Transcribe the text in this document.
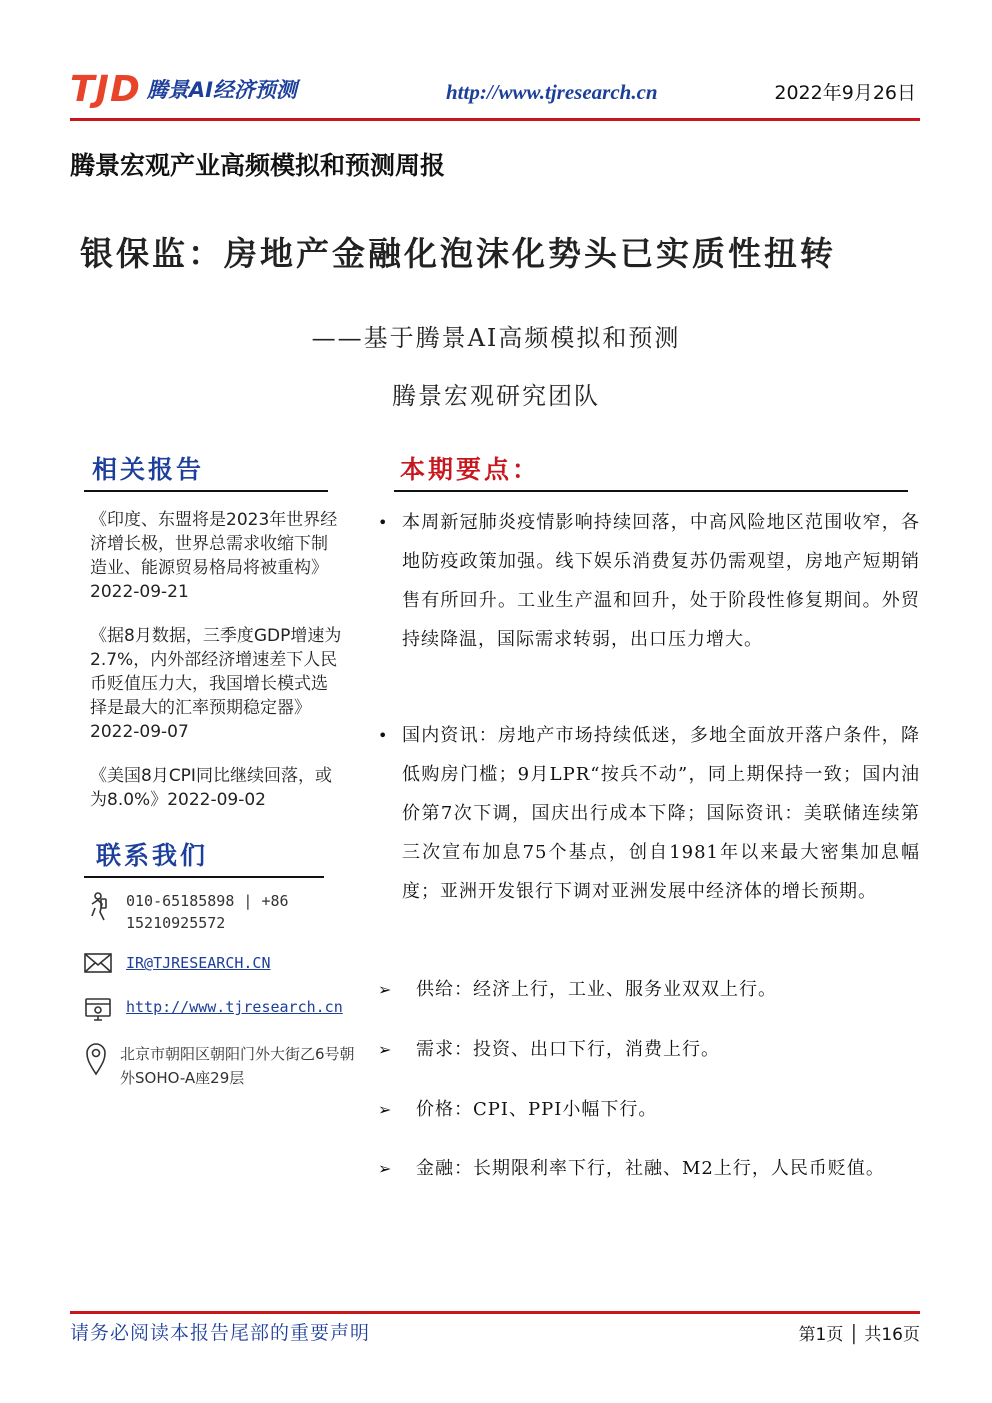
TJD 腾景AI经济预测	http://www.tjresearch.cn	2022年9月26日
腾景宏观产业高频模拟和预测周报
银保监：房地产金融化泡沫化势头已实质性扭转
——基于腾景AI高频模拟和预测
腾景宏观研究团队
相关报告
《印度、东盟将是2023年世界经济增长极，世界总需求收缩下制造业、能源贸易格局将被重构》2022-09-21
《据8月数据，三季度GDP增速为2.7%，内外部经济增速差下人民币贬值压力大，我国增长模式选择是最大的汇率预期稳定器》2022-09-07
《美国8月CPI同比继续回落，或为8.0%》2022-09-02
联系我们
010-65185898 | +86 15210925572
IR@TJRESEARCH.CN
http://www.tjresearch.cn
北京市朝阳区朝阳门外大街乙6号朝外SOHO-A座29层
本期要点：
• 本周新冠肺炎疫情影响持续回落，中高风险地区范围收窄，各地防疫政策加强。线下娱乐消费复苏仍需观望，房地产短期销售有所回升。工业生产温和回升，处于阶段性修复期间。外贸持续降温，国际需求转弱，出口压力增大。
• 国内资讯：房地产市场持续低迷，多地全面放开落户条件，降低购房门槛；9月LPR“按兵不动”，同上期保持一致；国内油价第7次下调，国庆出行成本下降；国际资讯：美联储连续第三次宣布加息75个基点，创自1981年以来最大密集加息幅度；亚洲开发银行下调对亚洲发展中经济体的增长预期。
➢	供给：经济上行，工业、服务业双双上行。
➢	需求：投资、出口下行，消费上行。
➢	价格：CPI、PPI小幅下行。
➢	金融：长期限利率下行，社融、M2上行，人民币贬值。
请务必阅读本报告尾部的重要声明	第1页 │ 共16页
